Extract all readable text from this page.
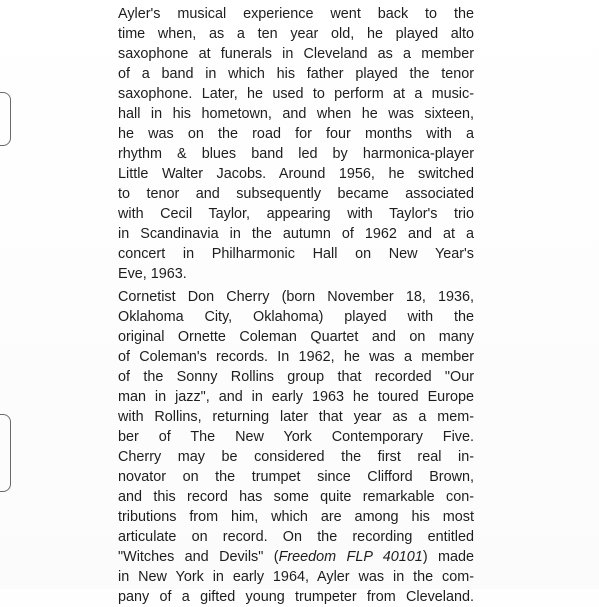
Ayler's musical experience went back to the
time when, as a ten year old, he played alto
saxophone at funerals in Cleveland as a member
of a band in which his father played the tenor
saxophone. Later, he used to perform at a music-
hall in his hometown, and when he was sixteen,
he was on the road for four months with a
rhythm & blues band led by harmonica-player
Little Walter Jacobs. Around 1956, he switched
to tenor and subsequently became associated
with Cecil Taylor, appearing with Taylor's trio
in Scandinavia in the autumn of 1962 and at a
concert in Philharmonic Hall on New Year's
Eve, 1963.
Cornetist Don Cherry (born November 18, 1936,
Oklahoma City, Oklahoma) played with the
original Ornette Coleman Quartet and on many
of Coleman's records. In 1962, he was a member
of the Sonny Rollins group that recorded "Our
man in jazz", and in early 1963 he toured Europe
with Rollins, returning later that year as a mem-
ber of The New York Contemporary Five.
Cherry may be considered the first real in-
novator on the trumpet since Clifford Brown,
and this record has some quite remarkable con-
tributions from him, which are among his most
articulate on record. On the recording entitled
"Witches and Devils" (Freedom FLP 40101) made
in New York in early 1964, Ayler was in the com-
pany of a gifted young trumpeter from Cleveland.
